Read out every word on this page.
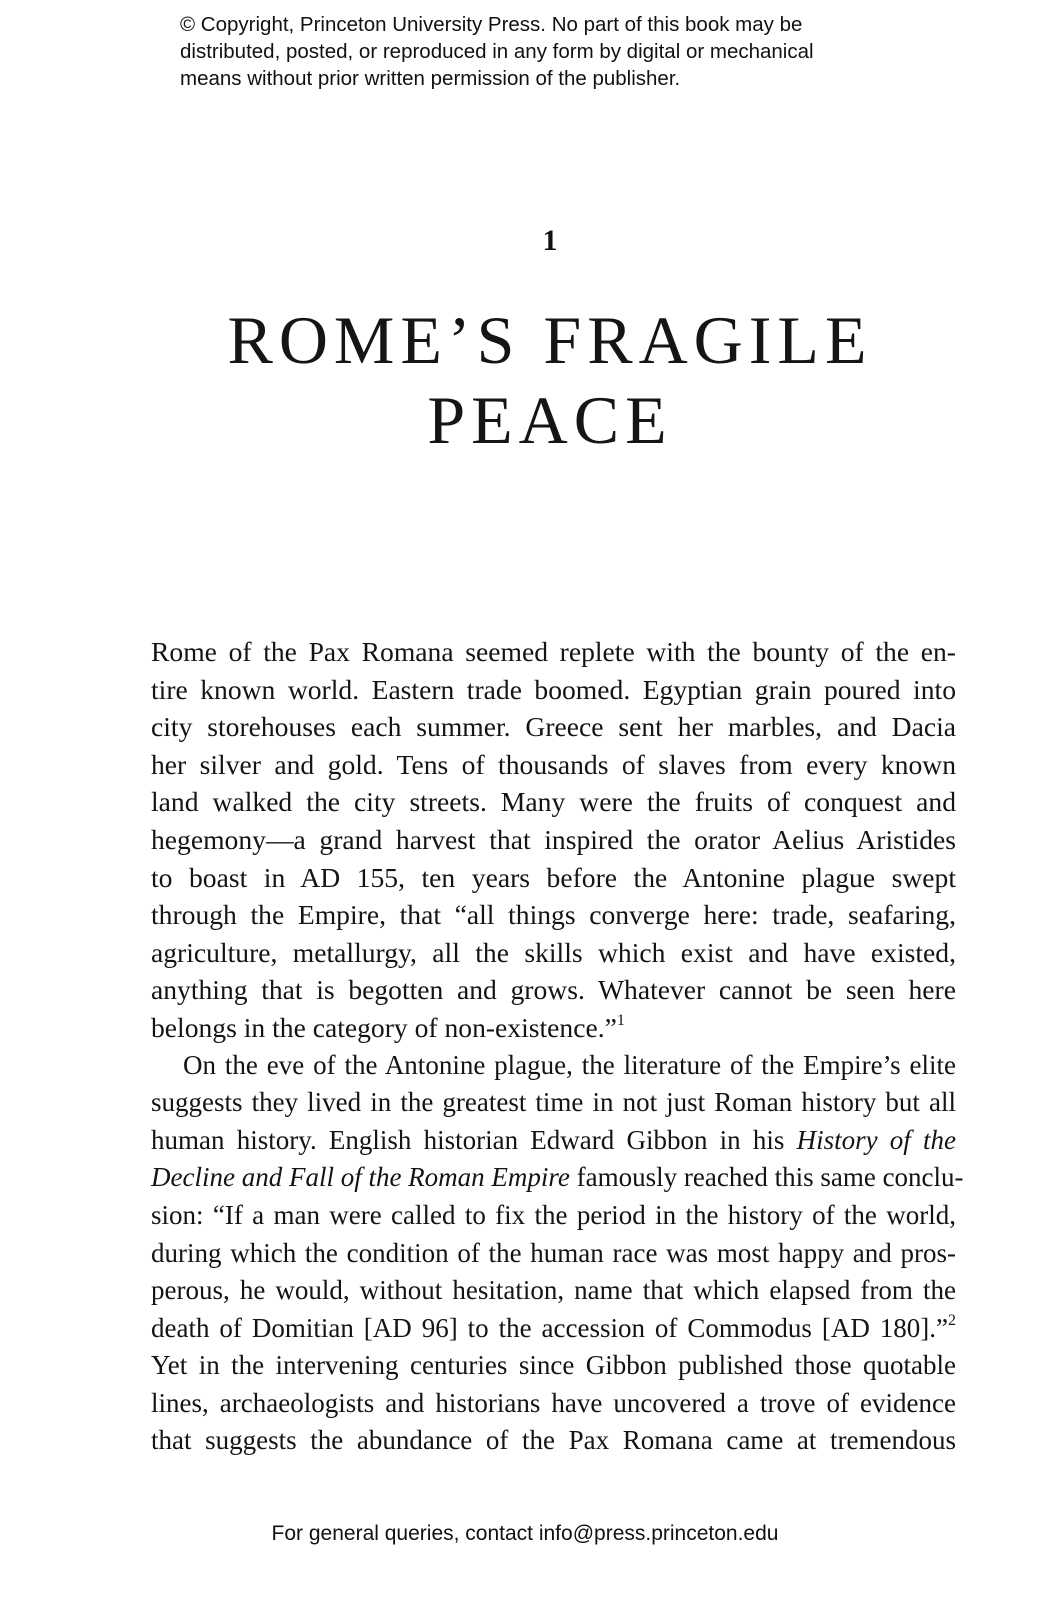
© Copyright, Princeton University Press. No part of this book may be
distributed, posted, or reproduced in any form by digital or mechanical
means without prior written permission of the publisher.
1
ROME’S FRAGILE
PEACE
Rome of the Pax Romana seemed replete with the bounty of the en-
tire known world. Eastern trade boomed. Egyptian grain poured into
city storehouses each summer. Greece sent her marbles, and Dacia
her silver and gold. Tens of thousands of slaves from every known
land walked the city streets. Many were the fruits of conquest and
hegemony—a grand harvest that inspired the orator Aelius Aristides
to boast in AD 155, ten years before the Antonine plague swept
through the Empire, that “all things converge here: trade, seafaring,
agriculture, metallurgy, all the skills which exist and have existed,
anything that is begotten and grows. Whatever cannot be seen here
belongs in the category of non-existence.”$^1$
On the eve of the Antonine plague, the literature of the Empire’s elite
suggests they lived in the greatest time in not just Roman history but all
human history. English historian Edward Gibbon in his History of the
Decline and Fall of the Roman Empire famously reached this same conclu-
sion: “If a man were called to fix the period in the history of the world,
during which the condition of the human race was most happy and pros-
perous, he would, without hesitation, name that which elapsed from the
death of Domitian [AD 96] to the accession of Commodus [AD 180].”$^2$
Yet in the intervening centuries since Gibbon published those quotable
lines, archaeologists and historians have uncovered a trove of evidence
that suggests the abundance of the Pax Romana came at tremendous
For general queries, contact info@press.princeton.edu
